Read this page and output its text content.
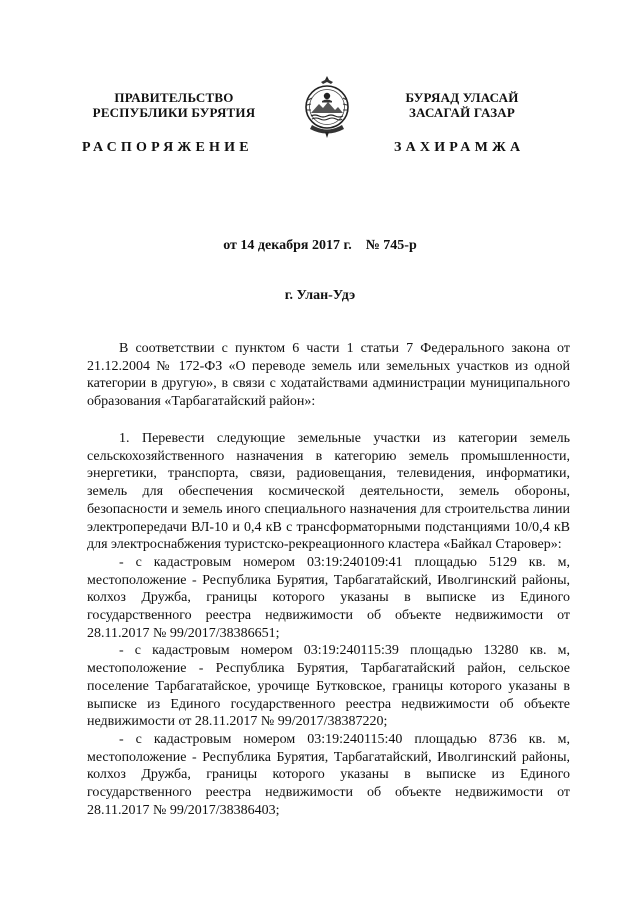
ПРАВИТЕЛЬСТВО
РЕСПУБЛИКИ БУРЯТИЯ
БУРЯАД УЛАСАЙ
ЗАСАГАЙ ГАЗАР
РАСПОРЯЖЕНИЕ	ЗАХИРАМЖА
от 14 декабря 2017 г. № 745-р
г. Улан-Удэ

В соответствии с пунктом 6 части 1 статьи 7 Федерального закона от 21.12.2004 № 172-ФЗ «О переводе земель или земельных участков из одной категории в другую», в связи с ходатайствами администрации муниципального образования «Тарбагатайский район»:

1. Перевести следующие земельные участки из категории земель сельскохозяйственного назначения в категорию земель промышленности, энергетики, транспорта, связи, радиовещания, телевидения, информатики, земель для обеспечения космической деятельности, земель обороны, безопасности и земель иного специального назначения для строительства линии электропередачи ВЛ-10 и 0,4 кВ с трансформаторными подстанциями 10/0,4 кВ для электроснабжения туристско-рекреационного кластера «Байкал Старовер»:

- с кадастровым номером 03:19:240109:41 площадью 5129 кв. м, местоположение - Республика Бурятия, Тарбагатайский, Иволгинский районы, колхоз Дружба, границы которого указаны в выписке из Единого государственного реестра недвижимости об объекте недвижимости от 28.11.2017 № 99/2017/38386651;

- с кадастровым номером 03:19:240115:39 площадью 13280 кв. м, местоположение - Республика Бурятия, Тарбагатайский район, сельское поселение Тарбагатайское, урочище Бутковское, границы которого указаны в выписке из Единого государственного реестра недвижимости об объекте недвижимости от 28.11.2017 № 99/2017/38387220;

- с кадастровым номером 03:19:240115:40 площадью 8736 кв. м, местоположение - Республика Бурятия, Тарбагатайский, Иволгинский районы, колхоз Дружба, границы которого указаны в выписке из Единого государственного реестра недвижимости об объекте недвижимости от 28.11.2017 № 99/2017/38386403;
